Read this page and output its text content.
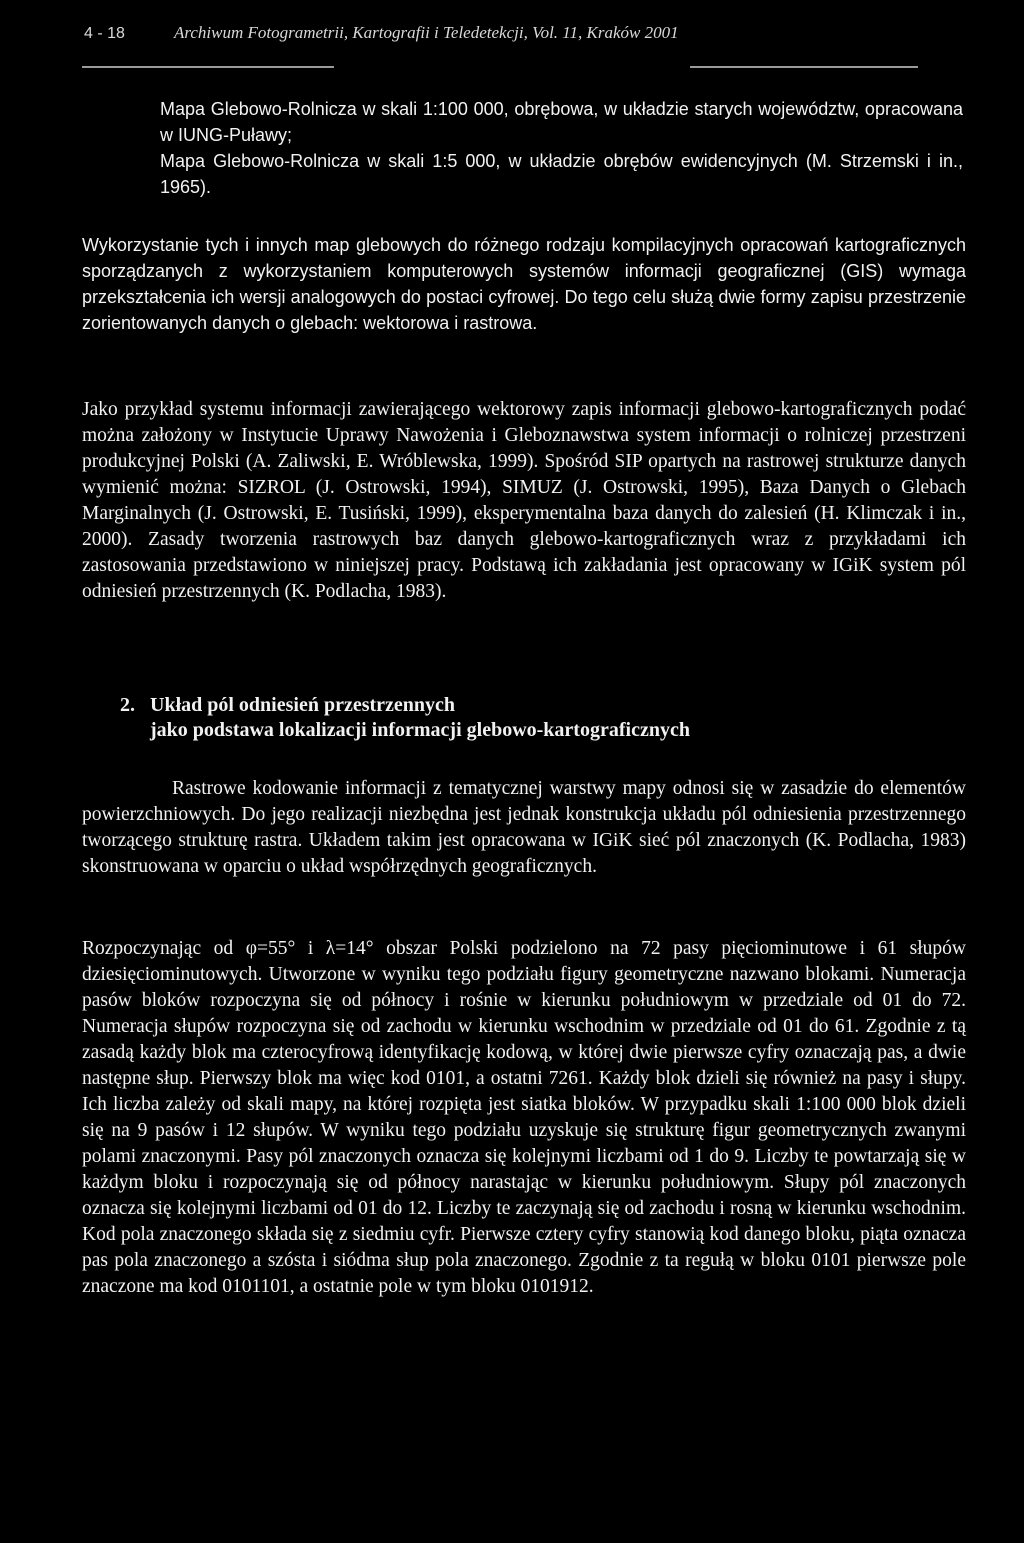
4 - 18	Archiwum Fotogrametrii, Kartografii i Teledetekcji, Vol. 11, Kraków 2001
Mapa Glebowo-Rolnicza w skali 1:100 000, obrębowa, w układzie starych województw, opracowana w IUNG-Puławy;
Mapa Glebowo-Rolnicza w skali 1:5 000, w układzie obrębów ewidencyjnych (M. Strzemski i in., 1965).

Wykorzystanie tych i innych map glebowych do różnego rodzaju kompilacyjnych opracowań kartograficznych sporządzanych z wykorzystaniem komputerowych systemów informacji geograficznej (GIS) wymaga przekształcenia ich wersji analogowych do postaci cyfrowej. Do tego celu służą dwie formy zapisu przestrzenie zorientowanych danych o glebach: wektorowa i rastrowa.

Jako przykład systemu informacji zawierającego wektorowy zapis informacji glebowo-kartograficznych podać można założony w Instytucie Uprawy Nawożenia i Gleboznawstwa system informacji o rolniczej przestrzeni produkcyjnej Polski (A. Zaliwski, E. Wróblewska, 1999). Spośród SIP opartych na rastrowej strukturze danych wymienić można: SIZROL (J. Ostrowski, 1994), SIMUZ (J. Ostrowski, 1995), Baza Danych o Glebach Marginalnych (J. Ostrowski, E. Tusiński, 1999), eksperymentalna baza danych do zalesień (H. Klimczak i in., 2000). Zasady tworzenia rastrowych baz danych glebowo-kartograficznych wraz z przykładami ich zastosowania przedstawiono w niniejszej pracy. Podstawą ich zakładania jest opracowany w IGiK system pól odniesień przestrzennych (K. Podlacha, 1983).

2. Układ pól odniesień przestrzennych
jako podstawa lokalizacji informacji glebowo-kartograficznych

Rastrowe kodowanie informacji z tematycznej warstwy mapy odnosi się w zasadzie do elementów powierzchniowych. Do jego realizacji niezbędna jest jednak konstrukcja układu pól odniesienia przestrzennego tworzącego strukturę rastra. Układem takim jest opracowana w IGiK sieć pól znaczonych (K. Podlacha, 1983) skonstruowana w oparciu o układ współrzędnych geograficznych.

Rozpoczynając od φ=55° i λ=14° obszar Polski podzielono na 72 pasy pięciominutowe i 61 słupów dziesięciominutowych. Utworzone w wyniku tego podziału figury geometryczne nazwano blokami. Numeracja pasów bloków rozpoczyna się od północy i rośnie w kierunku południowym w przedziale od 01 do 72. Numeracja słupów rozpoczyna się od zachodu w kierunku wschodnim w przedziale od 01 do 61. Zgodnie z tą zasadą każdy blok ma czterocyfrową identyfikację kodową, w której dwie pierwsze cyfry oznaczają pas, a dwie następne słup. Pierwszy blok ma więc kod 0101, a ostatni 7261. Każdy blok dzieli się również na pasy i słupy. Ich liczba zależy od skali mapy, na której rozpięta jest siatka bloków. W przypadku skali 1:100 000 blok dzieli się na 9 pasów i 12 słupów. W wyniku tego podziału uzyskuje się strukturę figur geometrycznych zwanymi polami znaczonymi. Pasy pól znaczonych oznacza się kolejnymi liczbami od 1 do 9. Liczby te powtarzają się w każdym bloku i rozpoczynają się od północy narastając w kierunku południowym. Słupy pól znaczonych oznacza się kolejnymi liczbami od 01 do 12. Liczby te zaczynają się od zachodu i rosną w kierunku wschodnim. Kod pola znaczonego składa się z siedmiu cyfr. Pierwsze cztery cyfry stanowią kod danego bloku, piąta oznacza pas pola znaczonego a szósta i siódma słup pola znaczonego. Zgodnie z ta regułą w bloku 0101 pierwsze pole znaczone ma kod 0101101, a ostatnie pole w tym bloku 0101912.
